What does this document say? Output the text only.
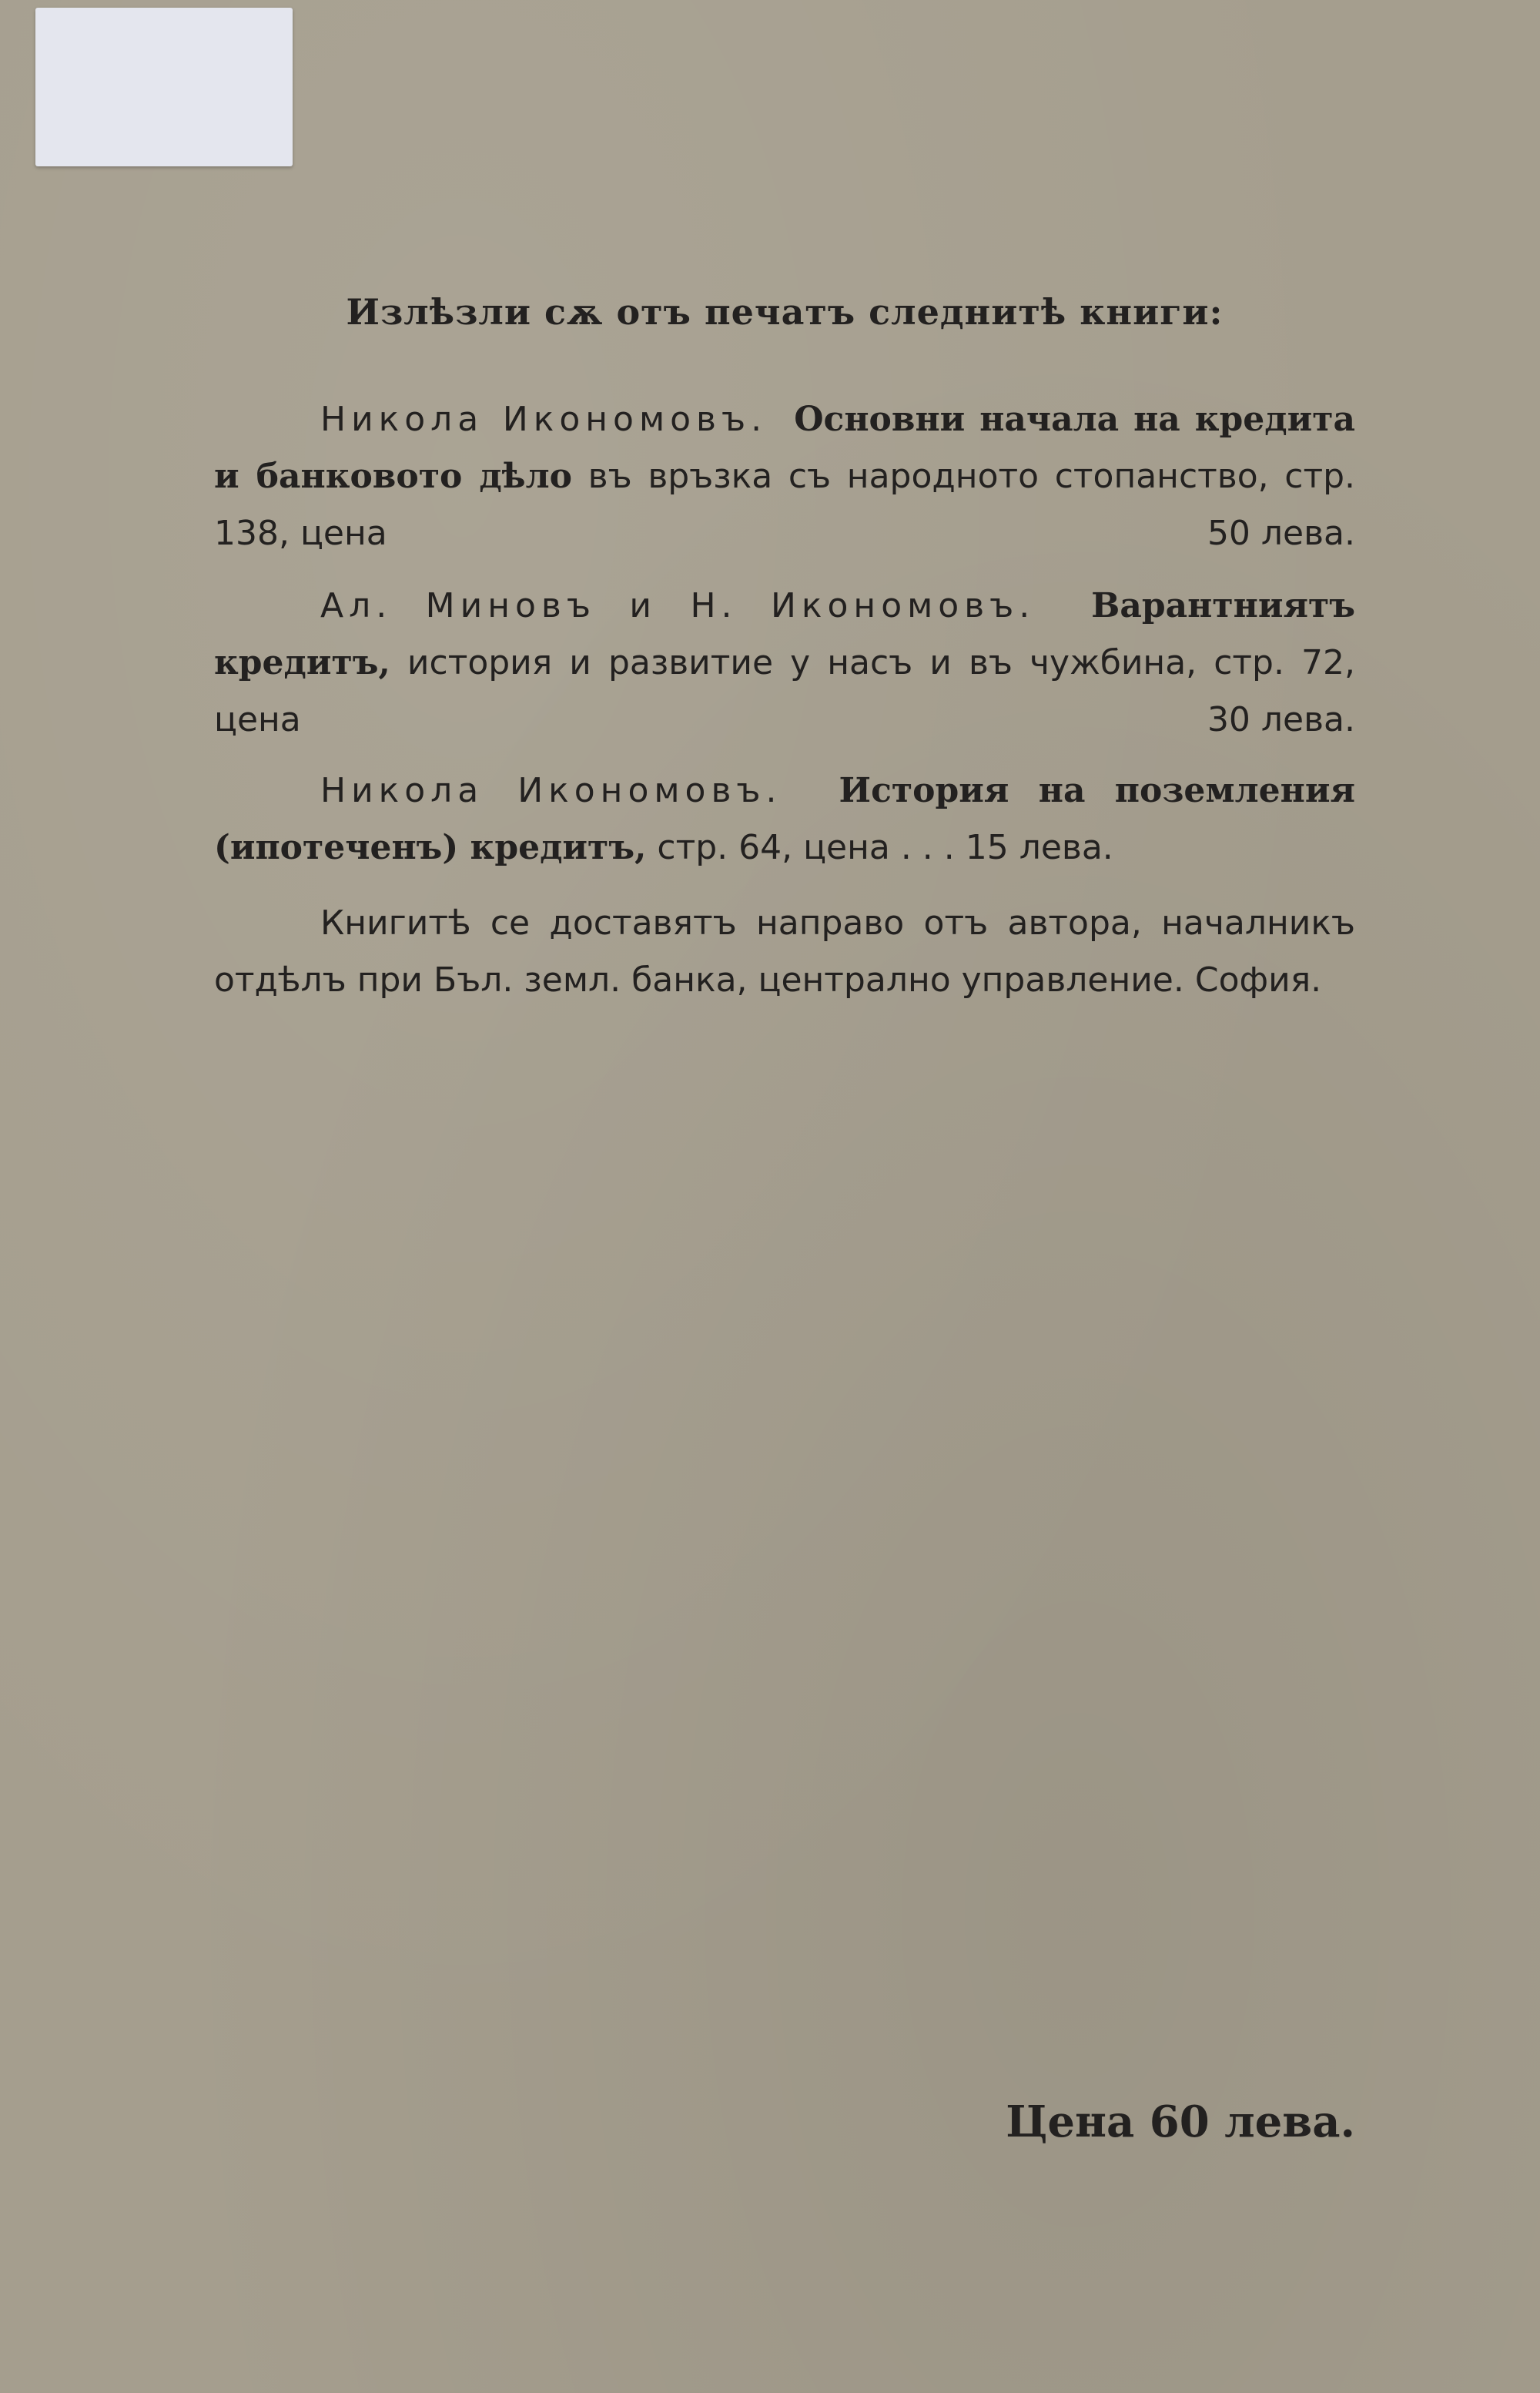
Излѣзли сѫ отъ печатъ следнитѣ книги:
Никола Икономовъ. Основни начала на кредита и банковото дѣло въ връзка съ народното стопанство, стр. 138, цена	50 лева.
Ал. Миновъ и Н. Икономовъ. Варантниятъ кредитъ, история и развитие у насъ и въ чужбина, стр. 72, цена	30 лева.
Никола Икономовъ. История на поземления (ипотеченъ) кредитъ, стр. 64, цена . . . 15 лева.
Книгитѣ се доставятъ направо отъ автора, началникъ отдѣлъ при Бъл. земл. банка, централно управление. София.

Цена 60 лева.
